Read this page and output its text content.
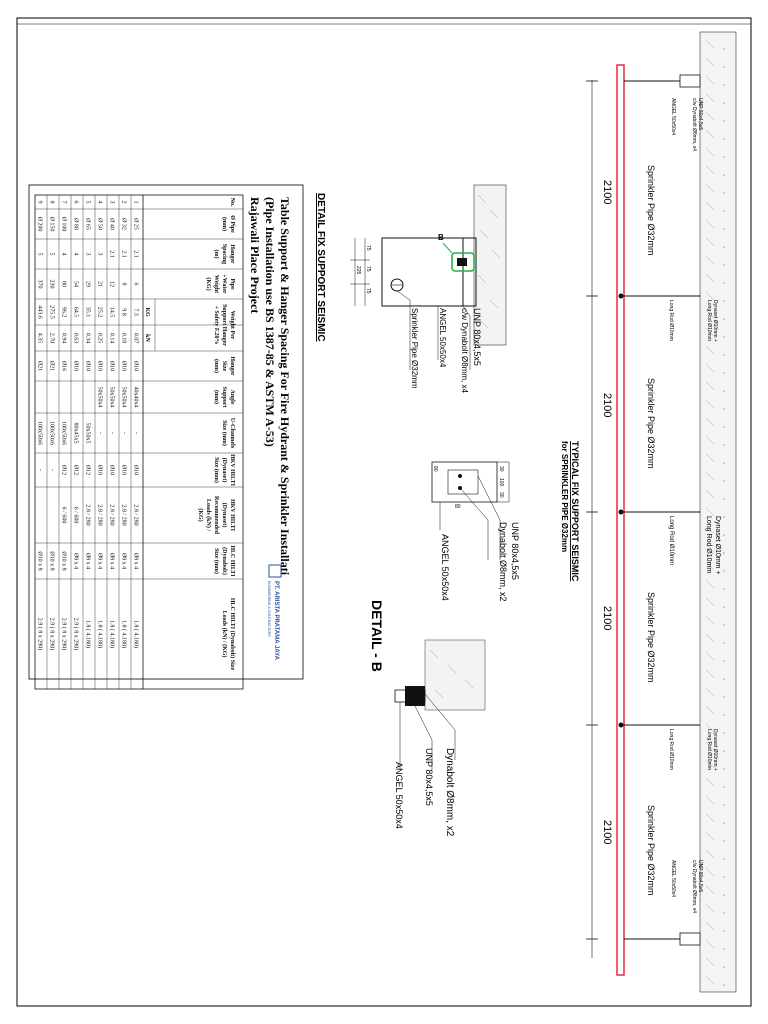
Table Support & Hanger Spacing For Fire Hydrant & Sprinkler Installati
(Pipe Installation use BS 1387-85 & ASTM A-53)
Rajawali Place Project
PT. ARISTA PRATAMA JAYA
ENGINEERING & CONTRACTORS
No.
Ø Pipe
(mm)
Hanger
Spacing
(m)
Pipe
+Water
Weight
(KG)
Weight Per
Support Hanger
+ Safety F.20%
Hanger
Size
(mm)
Angle
Support
(mm)
U-Channels
Size (mm)
HKV HILTI
(Dynaset)
Size (mm)
HKV HILTI
(Dynaset)
Recommended
Loads (kN) /
(KG)
HLC HILTI
(Dynabolt)
Size (mm)
HLC HILTI (Dynabolt) Size
Loads (kN) / (KG)
KG
kN
1
Ø 25
2.1
6
7.3
0.07
Ø10
40x40x4
-
Ø10
2.8 / 280
Ø8 x 4
1.8 ( 4.180)
2
Ø 32
2.1
8
9.8
0.10
Ø10
50x50x4
-
Ø10
2.8 / 280
Ø8 x 4
1.8 ( 4.180)
3
Ø 40
2.1
12
14.5
0.14
Ø10
50x50x4
-
Ø10
2.8 / 280
Ø8 x 4
1.8 ( 4.180)
4
Ø 50
3
21
25.2
0.25
Ø10
50x50x4
-
Ø10
2.8 / 280
Ø8 x 4
1.8 ( 4.180)
5
Ø 65
3
29
35.1
0.34
Ø10
50x50x5
Ø12
2.8 / 280
Ø8 x 4
1.8 ( 4.180)
6
Ø 80
4
54
64.5
0.63
Ø10
80x45x5
Ø12
6 / 600
Ø8 x 4
2.9 ( 8 x 290)
7
Ø 100
4
80
96.2
0.94
Ø16
100x50x6
Ø12
6 / 600
Ø10 x 8
2.9 ( 8 x 290)
8
Ø 150
5
230
275.5
2.70
Ø21
100x50x6
-
Ø10 x 8
2.9 ( 8 x 290)
9
Ø 200
5
370
443.6
4.35
Ø21
100x50x6
-
Ø10 x 8
2.9 ( 8 x 290)
DETAIL FIX SUPPORT SEISMIC	B
75
75
75
225
UNP 80x4,5x5
c/w Dynabolt Ø8mm, x4
ANGEL 50x50x4
Sprinkler Pipe Ø32mm
30
100
30
80
80
UNP 80x4,5x5
Dynabolt Ø8mm, x2
ANGEL 50x50x4
DETAIL - B
Dynabolt Ø8mm, x2
UNP 80x4,5x5
ANGEL 50x50x4
TYPICAL FIX SUPPORT SEISMIC
for SPRINKLER PIPE Ø32mm
2100
2100
2100
2100
Sprinkler Pipe Ø32mm
Sprinkler Pipe Ø32mm
Sprinkler Pipe Ø32mm
Sprinkler Pipe Ø32mm
UNP 80x4,5x5
c/w Dynabolt Ø8mm, x4
ANGEL 50x50x4
UNP 80x4,5x5
c/w Dynabolt Ø8mm, x4
ANGEL 50x50x4
Dynaset Ø10mm +
Long Rod Ø10mm
Long Rod Ø10mm
Dynaset Ø10mm +
Long Rod Ø10mm
Long Rod Ø10mm
Dynaset Ø10mm +
Long Rod Ø10mm
Long Rod Ø10mm
